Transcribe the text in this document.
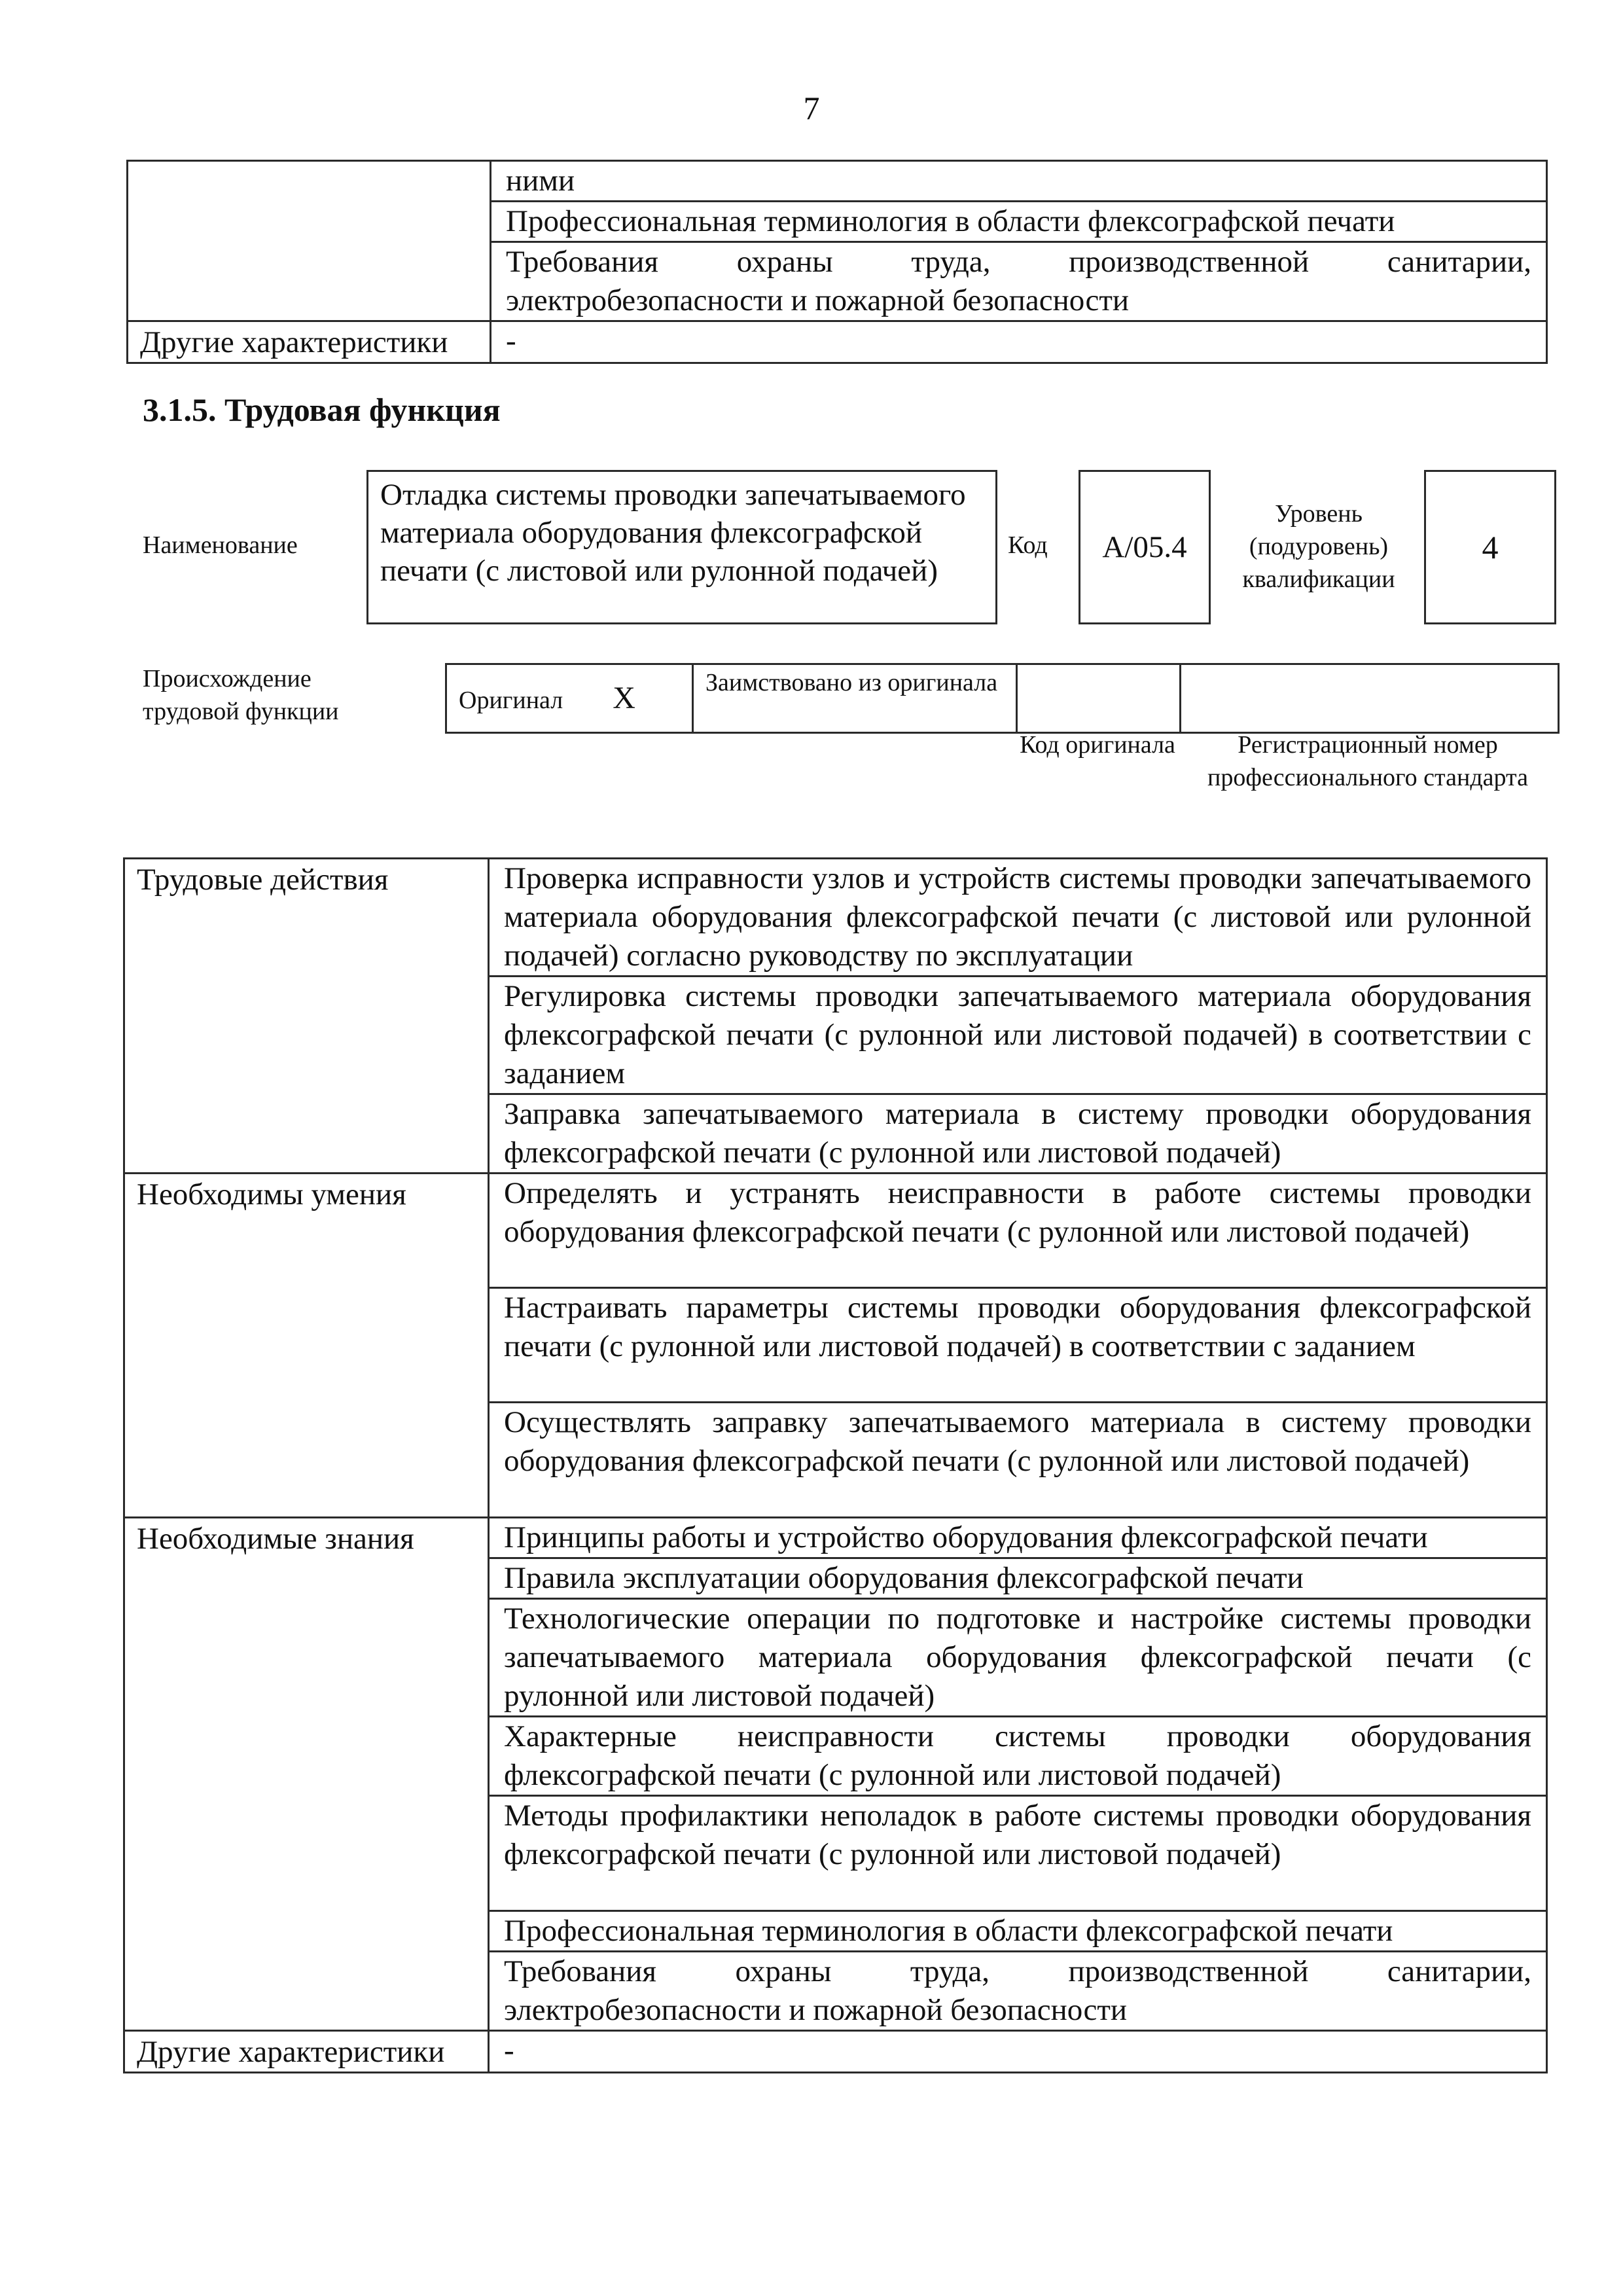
7
	ними
	Профессиональная терминология в области флексографской печати
	Требования охраны труда, производственной санитарии, электробезопасности и пожарной безопасности
Другие характеристики	-
3.1.5. Трудовая функция
Наименование
Отладка системы проводки запечатываемого материала оборудования флексографской печати (с листовой или рулонной подачей)
Код A/05.4
Уровень (подуровень) квалификации
4
Происхождение трудовой функции	Оригинал X	Заимствовано из оригинала		
Код оригинала	Регистрационный номер профессионального стандарта
Трудовые действия	Проверка исправности узлов и устройств системы проводки запечатываемого материала оборудования флексографской печати (с листовой или рулонной подачей) согласно руководству по эксплуатации
	Регулировка системы проводки запечатываемого материала оборудования флексографской печати (с рулонной или листовой подачей) в соответствии с заданием
	Заправка запечатываемого материала в систему проводки оборудования флексографской печати (с рулонной или листовой подачей)
Необходимы умения	Определять и устранять неисправности в работе системы проводки оборудования флексографской печати (с рулонной или листовой подачей)
	Настраивать параметры системы проводки оборудования флексографской печати (с рулонной или листовой подачей) в соответствии с заданием
	Осуществлять заправку запечатываемого материала в систему проводки оборудования флексографской печати (с рулонной или листовой подачей)
Необходимые знания	Принципы работы и устройство оборудования флексографской печати
	Правила эксплуатации оборудования флексографской печати
	Технологические операции по подготовке и настройке системы проводки запечатываемого материала оборудования флексографской печати (с рулонной или листовой подачей)
	Характерные неисправности системы проводки оборудования флексографской печати (с рулонной или листовой подачей)
	Методы профилактики неполадок в работе системы проводки оборудования флексографской печати (с рулонной или листовой подачей)
	Профессиональная терминология в области флексографской печати
	Требования охраны труда, производственной санитарии, электробезопасности и пожарной безопасности
Другие характеристики	-
